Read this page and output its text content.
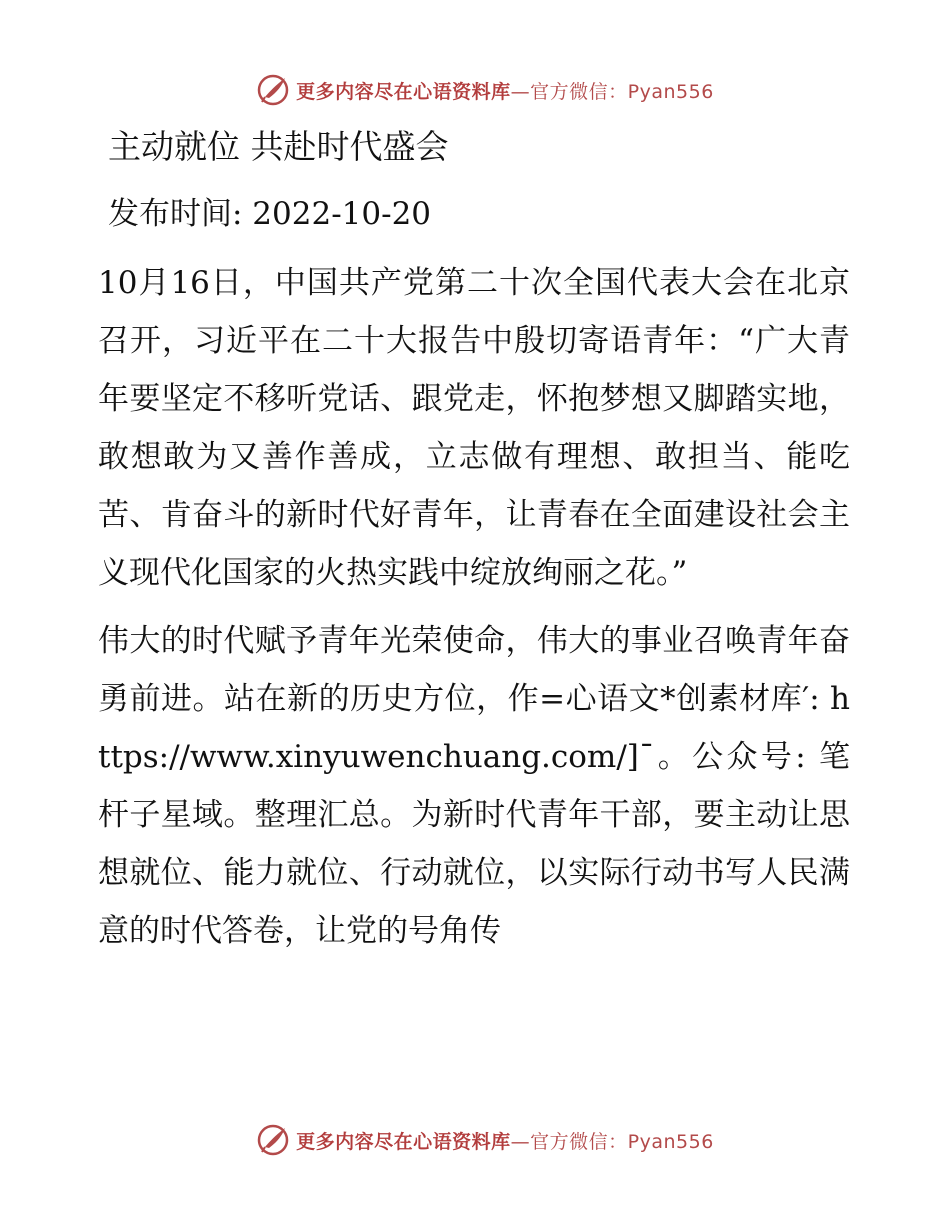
更多内容尽在心语资料库—官方微信：Pyan556
主动就位 共赴时代盛会
发布时间: 2022-10-20

10月16日，中国共产党第二十次全国代表大会在北京召开，习近平在二十大报告中殷切寄语青年：“广大青年要坚定不移听党话、跟党走，怀抱梦想又脚踏实地，敢想敢为又善作善成，立志做有理想、敢担当、能吃苦、肯奋斗的新时代好青年，让青春在全面建设社会主义现代化国家的火热实践中绽放绚丽之花。”

伟大的时代赋予青年光荣使命，伟大的事业召唤青年奋勇前进。站在新的历史方位，作=心语文*创素材库′: https://www.xinyuwenchuang.com/]¯。公众号: 笔杆子星域。整理汇总。为新时代青年干部，要主动让思想就位、能力就位、行动就位，以实际行动书写人民满意的时代答卷，让党的号角传

更多内容尽在心语资料库—官方微信：Pyan556
